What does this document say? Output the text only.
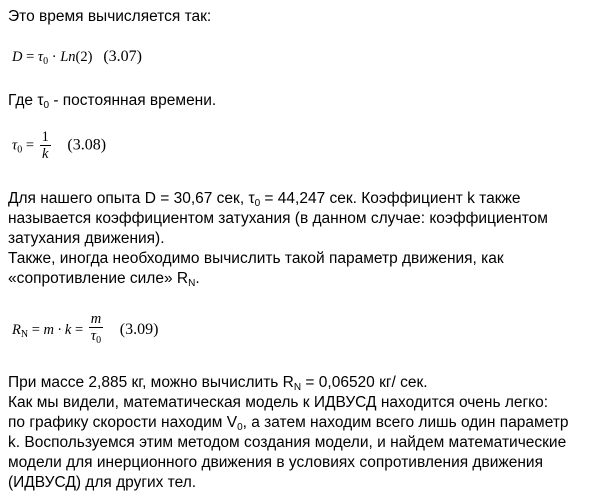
Это время вычисляется так:
$D = \tau_0 \cdot Ln(2)$ (3.07)
Где $\tau_0$ - постоянная времени.
$\tau_0 = \frac{1}{k} (3.08)$
Для нашего опыта D = 30,67 сек, $\tau_0 = 44,247$ сек. Коэффициент k также
называется коэффициентом затухания (в данном случае: коэффициентом
затухания движения).
Также, иногда необходимо вычислить такой параметр движения, как
«сопротивление силе» $R_N$.
$R_N = m \cdot k = \frac{m}{\tau_0} (3.09)$
При массе 2,885 кг, можно вычислить $R_N = 0,06520$ кг/ сек.
Как мы видели, математическая модель к ИДВУСД находится очень легко:
по графику скорости находим $V_0$, а затем находим всего лишь один параметр
k. Воспользуемся этим методом создания модели, и найдем математические
модели для инерционного движения в условиях сопротивления движения
(ИДВУСД) для других тел.
